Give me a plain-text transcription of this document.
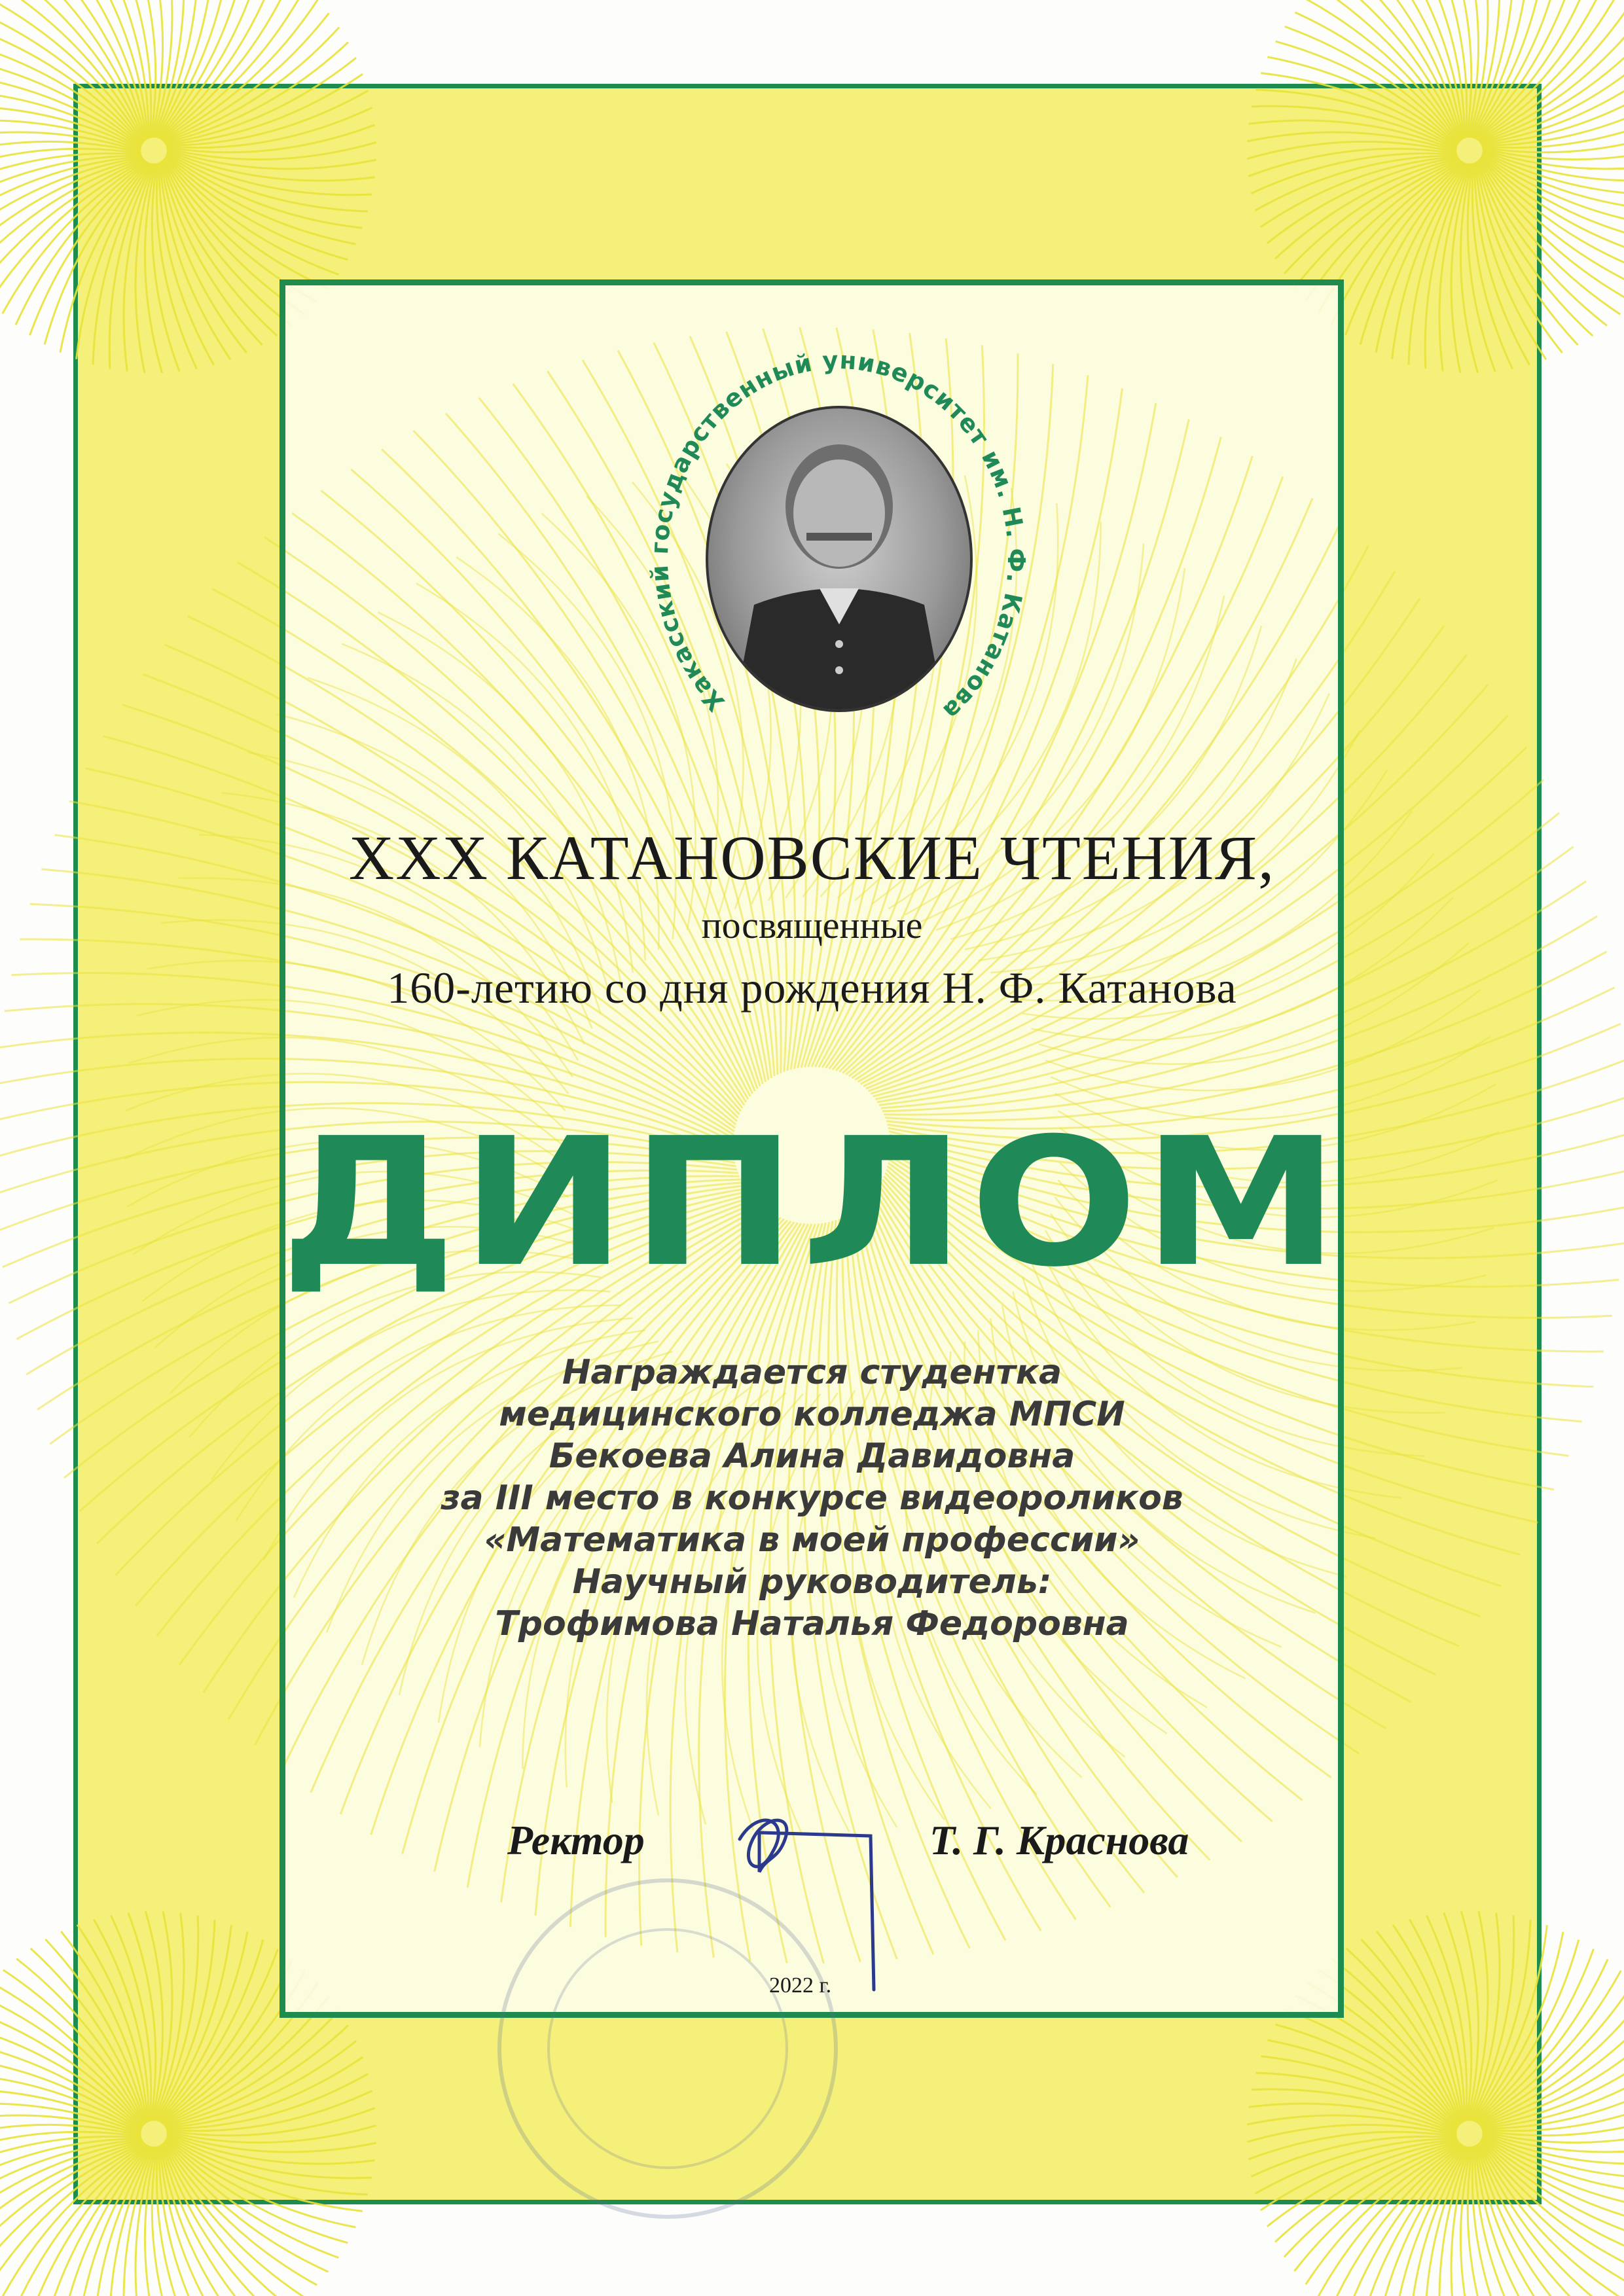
Хакасский государственный университет им. Н. Ф. Катанова
XXX КАТАНОВСКИЕ ЧТЕНИЯ,
посвященные
160-летию со дня рождения Н. Ф. Катанова
ДИПЛОМ
Награждается студентка
медицинского колледжа МПСИ
Бекоева Алина Давидовна
за III место в конкурсе видеороликов
«Математика в моей профессии»
Научный руководитель:
Трофимова Наталья Федоровна
Ректор	Т. Г. Краснова
2022 г.
